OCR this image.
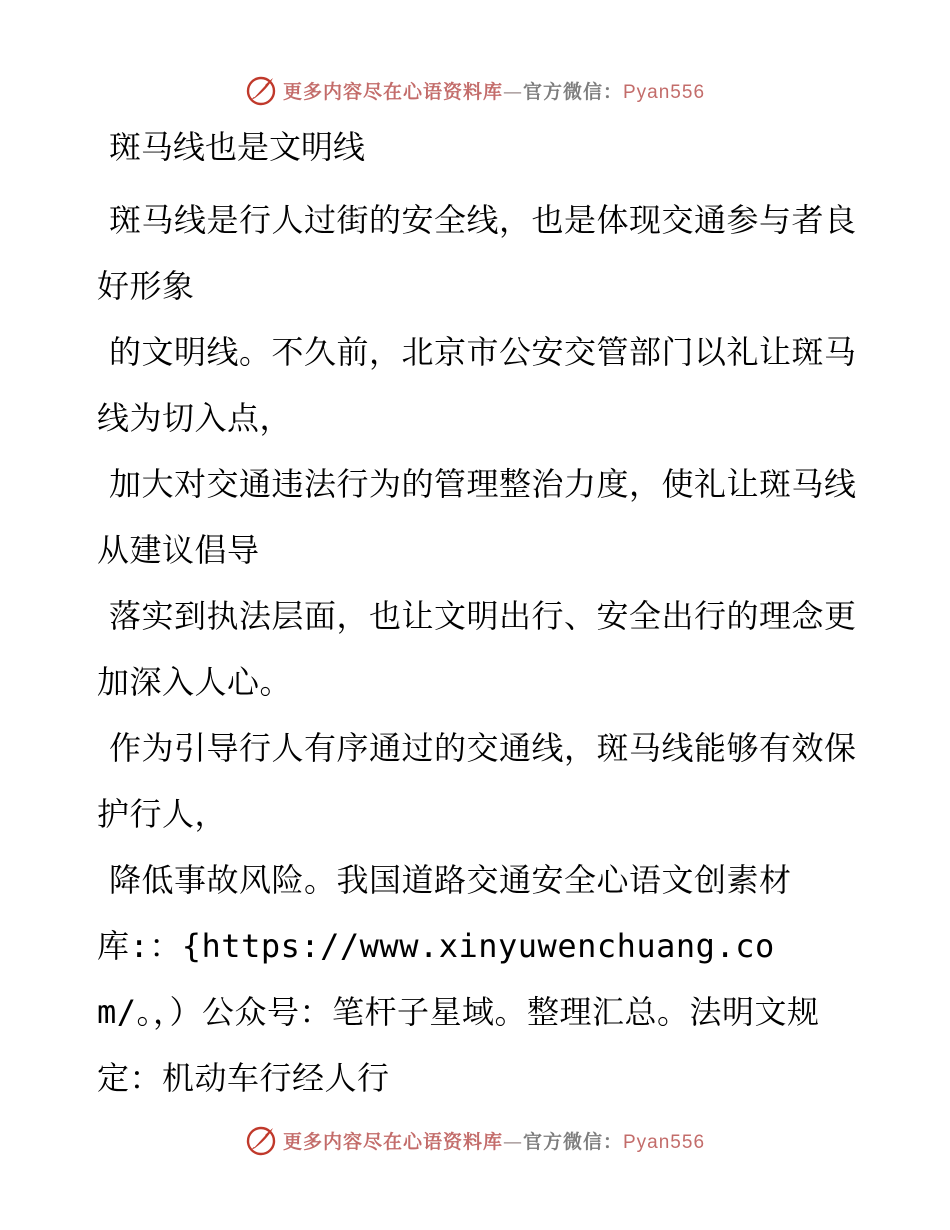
更多内容尽在心语资料库—官方微信：Pyan556
斑马线也是文明线

斑马线是行人过街的安全线，也是体现交通参与者良好形象

的文明线。不久前，北京市公安交管部门以礼让斑马线为切入点，

加大对交通违法行为的管理整治力度，使礼让斑马线从建议倡导

落实到执法层面，也让文明出行、安全出行的理念更加深入人心。

作为引导行人有序通过的交通线，斑马线能够有效保护行人，

降低事故风险。我国道路交通安全心语文创素材库:：{https://www.xinyuwenchuang.com/。，）公众号：笔杆子星域。整理汇总。法明文规定：机动车行经人行

更多内容尽在心语资料库—官方微信：Pyan556
